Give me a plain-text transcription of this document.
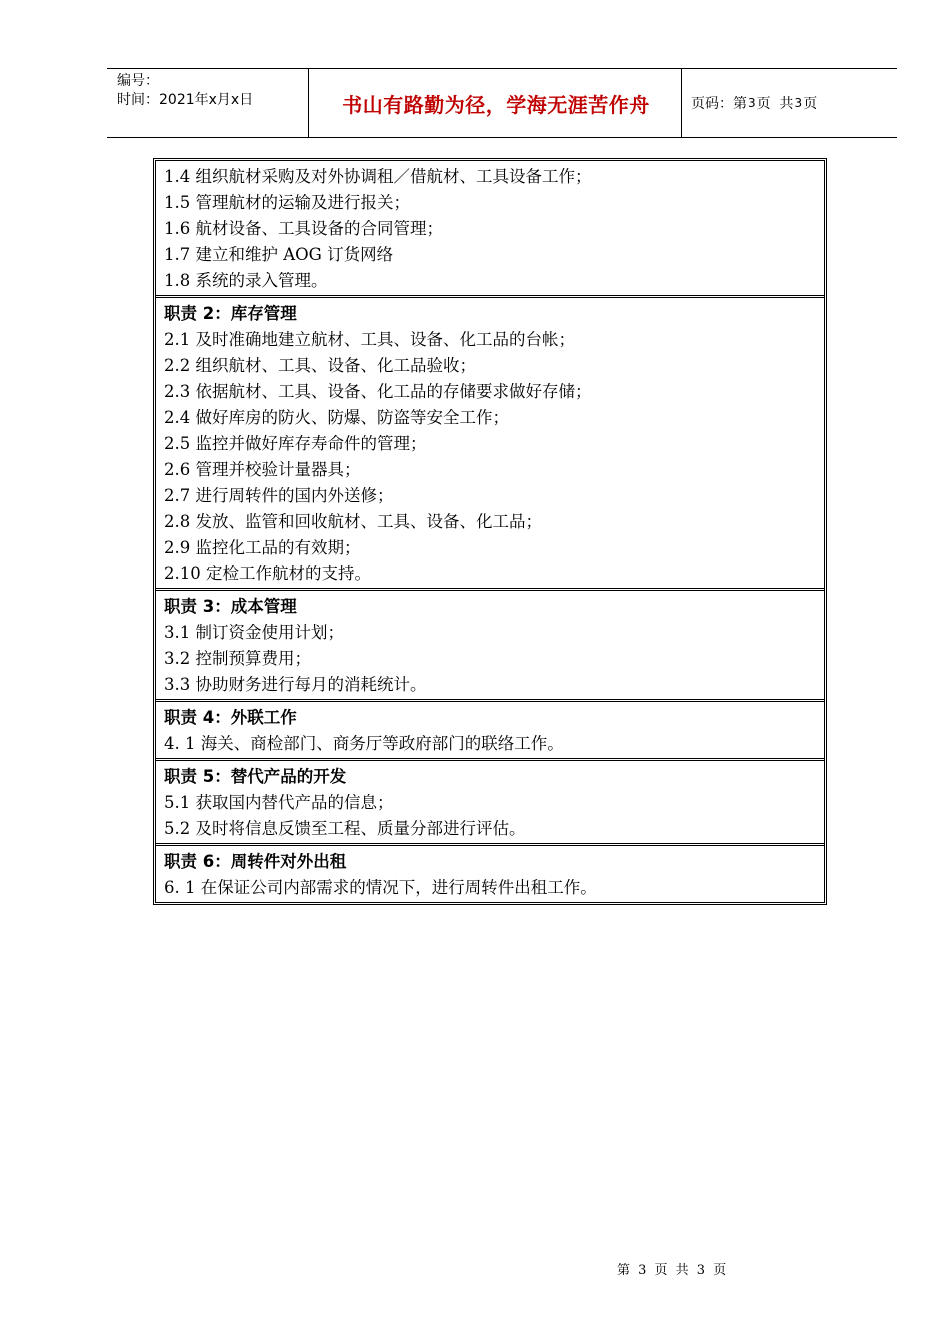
编号：
时间：2021年x月x日	书山有路勤为径，学海无涯苦作舟	页码：第 3 页  共 3 页
1.4 组织航材采购及对外协调租／借航材、工具设备工作；
1.5 管理航材的运输及进行报关；
1.6 航材设备、工具设备的合同管理；
1.7 建立和维护 AOG 订货网络
1.8 系统的录入管理。
职责 2：库存管理
2.1 及时准确地建立航材、工具、设备、化工品的台帐；
2.2 组织航材、工具、设备、化工品验收；
2.3 依据航材、工具、设备、化工品的存储要求做好存储；
2.4 做好库房的防火、防爆、防盗等安全工作；
2.5 监控并做好库存寿命件的管理；
2.6 管理并校验计量器具；
2.7 进行周转件的国内外送修；
2.8 发放、监管和回收航材、工具、设备、化工品；
2.9 监控化工品的有效期；
2.10 定检工作航材的支持。
职责 3：成本管理
3.1 制订资金使用计划；
3.2 控制预算费用；
3.3 协助财务进行每月的消耗统计。
职责 4：外联工作
4. 1 海关、商检部门、商务厅等政府部门的联络工作。
职责 5：替代产品的开发
5.1 获取国内替代产品的信息；
5.2 及时将信息反馈至工程、质量分部进行评估。
职责 6：周转件对外出租
6. 1 在保证公司内部需求的情况下，进行周转件出租工作。
第 3 页 共 3 页
